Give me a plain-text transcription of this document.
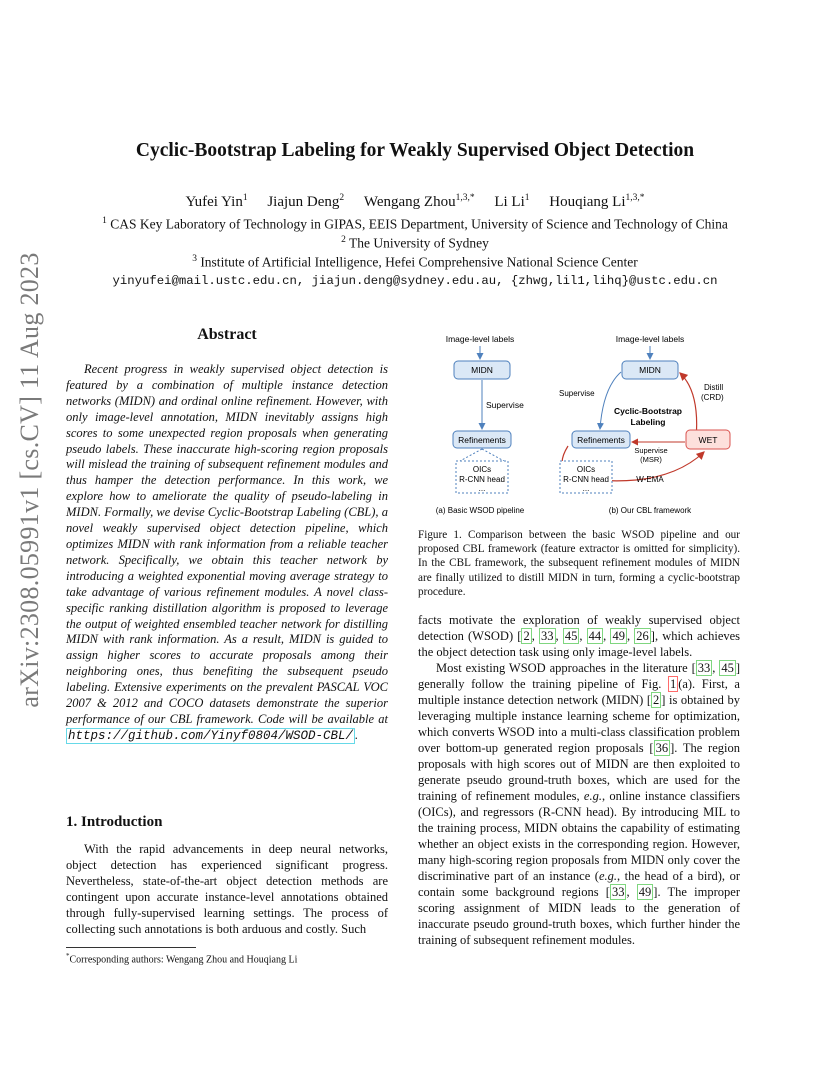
arXiv:2308.05991v1 [cs.CV] 11 Aug 2023
Cyclic-Bootstrap Labeling for Weakly Supervised Object Detection
Yufei Yin$^1$ Jiajun Deng$^2$ Wengang Zhou$^{1,3,*}$ Li Li$^1$ Houqiang $Li^{1,3,*}$
$^1$ CAS Key Laboratory of Technology in GIPAS, EEIS Department, University of Science and Technology of China
$^2$ The University of Sydney
$^3$ Institute of Artificial Intelligence, Hefei Comprehensive National Science Center
yinyufei@mail.ustc.edu.cn, jiajun.deng@sydney.edu.au, {zhwg,lil1,lihq}@ustc.edu.cn
Abstract

Recent progress in weakly supervised object detection is featured by a combination of multiple instance detection networks (MIDN) and ordinal online refinement. However, with only image-level annotation, MIDN inevitably assigns high scores to some unexpected region proposals when generating pseudo labels. These inaccurate high-scoring region proposals will mislead the training of subsequent refinement modules and thus hamper the detection performance. In this work, we explore how to ameliorate the quality of pseudo-labeling in MIDN. Formally, we devise Cyclic-Bootstrap Labeling (CBL), a novel weakly supervised object detection pipeline, which optimizes MIDN with rank information from a reliable teacher network. Specifically, we obtain this teacher network by introducing a weighted exponential moving average strategy to take advantage of various refinement modules. A novel class-specific ranking distillation algorithm is proposed to leverage the output of weighted ensembled teacher network for distilling MIDN with rank information. As a result, MIDN is guided to assign higher scores to accurate proposals among their neighboring ones, thus benefiting the subsequent pseudo labeling. Extensive experiments on the prevalent PASCAL VOC 2007 & 2012 and COCO datasets demonstrate the superior performance of our CBL framework. Code will be available at https://github.com/Yinyf0804/WSOD-CBL/ .

1. Introduction

With the rapid advancements in deep neural networks, object detection has experienced significant progress. Nevertheless, state-of-the-art object detection methods are contingent upon accurate instance-level annotations obtained through fully-supervised learning settings. The process of collecting such annotations is both arduous and costly. Such

*Corresponding authors: Wengang Zhou and Houqiang Li
Image-level labels
MIDN
Supervise
Refinements
OICs
R-CNN head
...
(a) Basic WSOD pipeline
Image-level labels
MIDN
Supervise
Distill
(CRD)
Cyclic-Bootstrap
Labeling
Refinements	WET
Supervise
(MSR)
OICs
R-CNN head
...
W-EMA
(b) Our CBL framework
Figure 1. Comparison between the basic WSOD pipeline and our proposed CBL framework (feature extractor is omitted for simplicity). In the CBL framework, the subsequent refinement modules of MIDN are finally utilized to distill MIDN in turn, forming a cyclic-bootstrap procedure.

facts motivate the exploration of weakly supervised object detection (WSOD) [ 2 , 33 , 45 , 44 , 49 , 26 ], which achieves the object detection task using only image-level labels.

Most existing WSOD approaches in the literature [ 33 , 45 ] generally follow the training pipeline of Fig. 1 (a). First, a multiple instance detection network (MIDN) [ 2 ] is obtained by leveraging multiple instance learning scheme for optimization, which converts WSOD into a multi-class classification problem over bottom-up generated region proposals [ 36 ]. The region proposals with high scores out of MIDN are then exploited to generate pseudo ground-truth boxes, which are used for the training of refinement modules, e.g., online instance classifiers (OICs), and regressors (R-CNN head). By introducing MIL to the training process, MIDN obtains the capability of estimating whether an object exists in the corresponding region. However, many high-scoring region proposals from MIDN only cover the discriminative part of an instance (e.g., the head of a bird), or contain some background regions [ 33 , 49 ]. The improper scoring assignment of MIDN leads to the generation of inaccurate pseudo ground-truth boxes, which further hinder the training of subsequent refinement modules.
